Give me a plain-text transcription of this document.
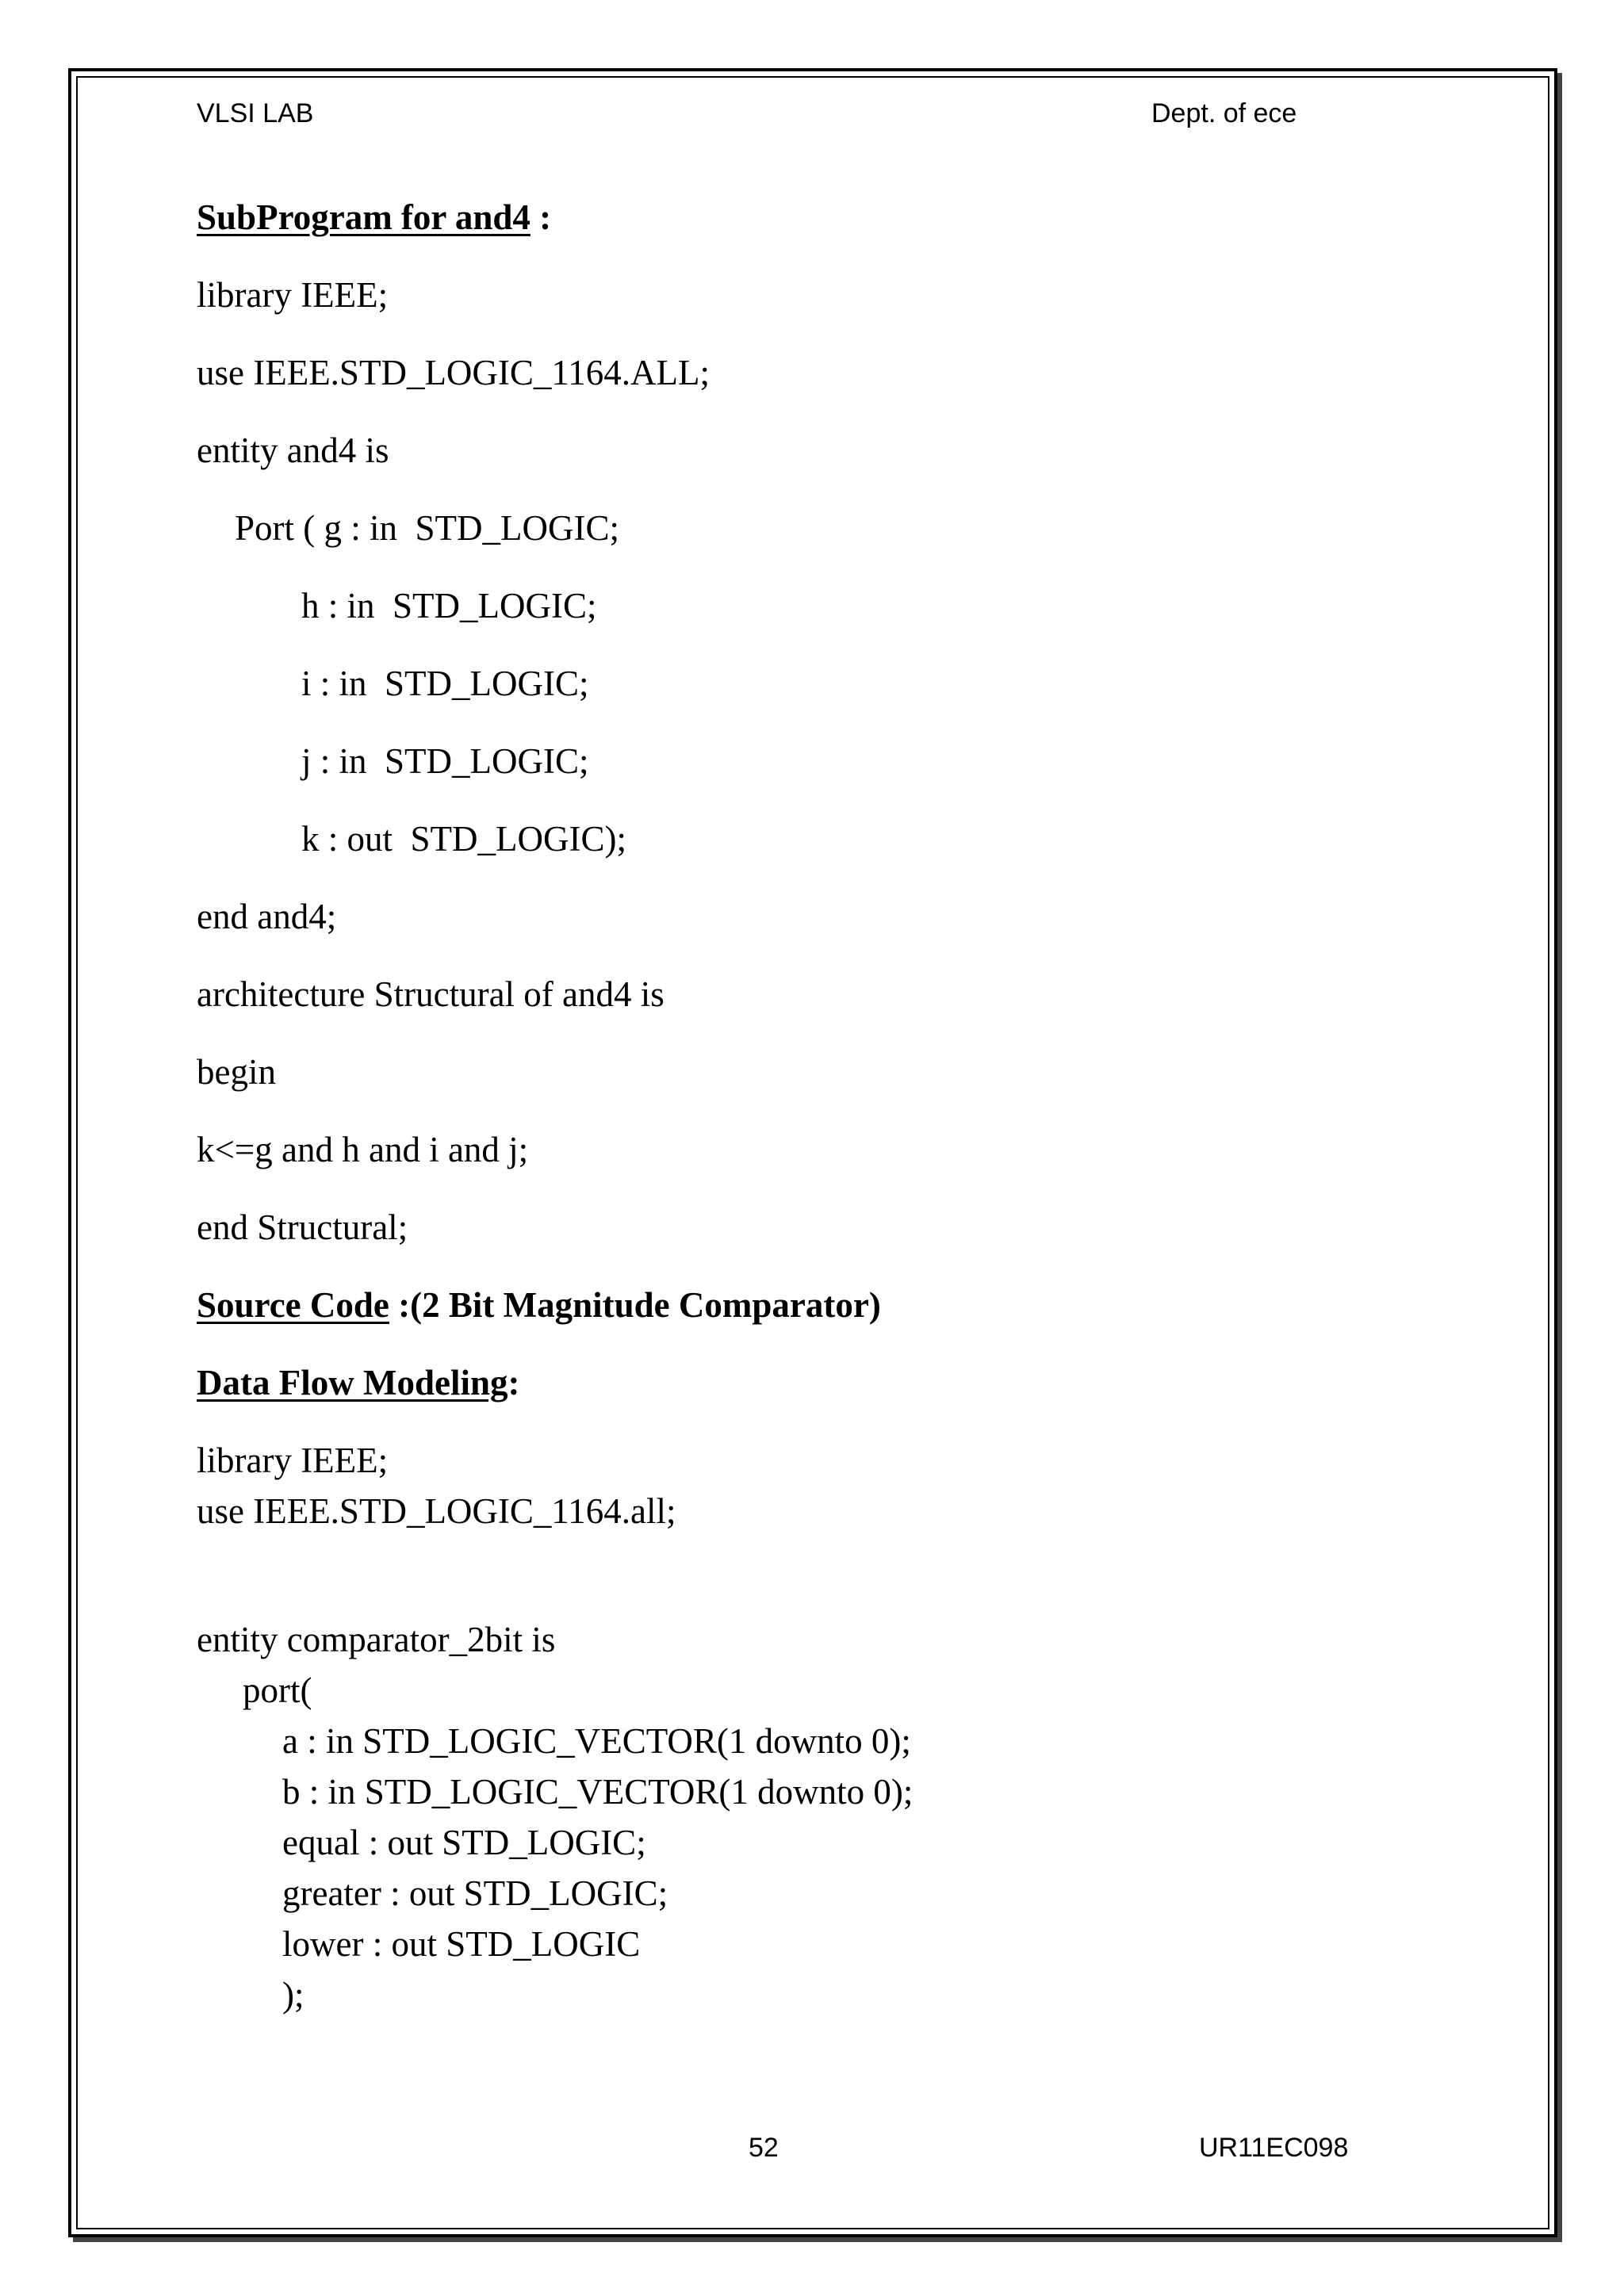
VLSI LAB	Dept. of ece
SubProgram for and4 :
library IEEE;
use IEEE.STD_LOGIC_1164.ALL;
entity and4 is
Port ( g : in  STD_LOGIC;
h : in  STD_LOGIC;
i : in  STD_LOGIC;
j : in  STD_LOGIC;
k : out  STD_LOGIC);
end and4;
architecture Structural of and4 is
begin
k<=g and h and i and j;
end Structural;
Source Code :(2 Bit Magnitude Comparator)
Data Flow Modeling:
library IEEE;
use IEEE.STD_LOGIC_1164.all;
entity comparator_2bit is
port(
a : in STD_LOGIC_VECTOR(1 downto 0);
b : in STD_LOGIC_VECTOR(1 downto 0);
equal : out STD_LOGIC;
greater : out STD_LOGIC;
lower : out STD_LOGIC
);
52	UR11EC098
